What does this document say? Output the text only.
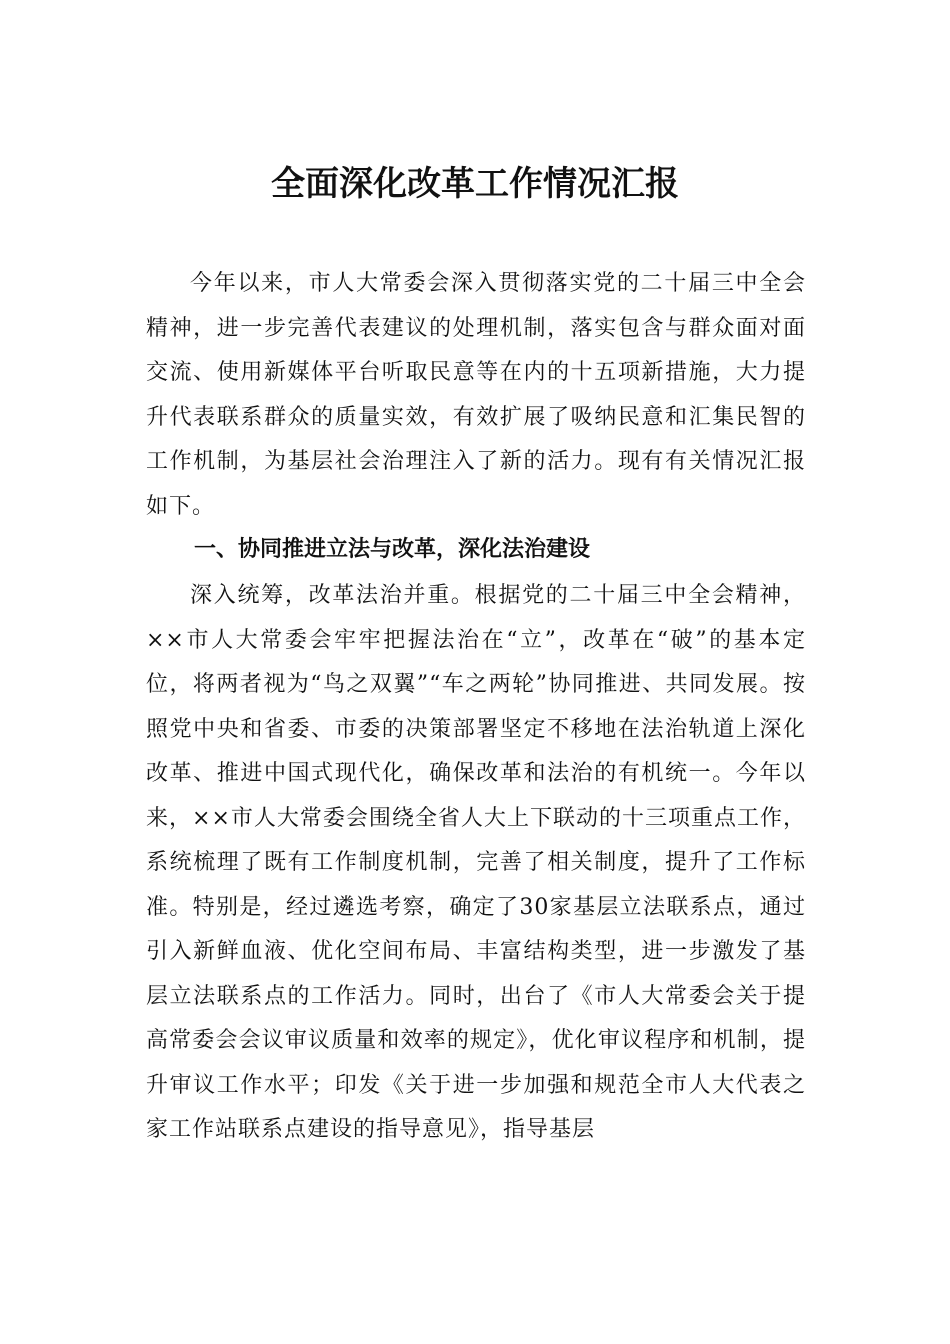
全面深化改革工作情况汇报

今年以来，市人大常委会深入贯彻落实党的二十届三中全会精神，进一步完善代表建议的处理机制，落实包含与群众面对面交流、使用新媒体平台听取民意等在内的十五项新措施，大力提升代表联系群众的质量实效，有效扩展了吸纳民意和汇集民智的工作机制，为基层社会治理注入了新的活力。现有有关情况汇报如下。

一、协同推进立法与改革，深化法治建设

深入统筹，改革法治并重。根据党的二十届三中全会精神，××市人大常委会牢牢把握法治在“立”，改革在“破”的基本定位，将两者视为“鸟之双翼”“车之两轮”协同推进、共同发展。按照党中央和省委、市委的决策部署坚定不移地在法治轨道上深化改革、推进中国式现代化，确保改革和法治的有机统一。今年以来，××市人大常委会围绕全省人大上下联动的十三项重点工作，系统梳理了既有工作制度机制，完善了相关制度，提升了工作标准。特别是，经过遴选考察，确定了30家基层立法联系点，通过引入新鲜血液、优化空间布局、丰富结构类型，进一步激发了基层立法联系点的工作活力。同时，出台了《市人大常委会关于提高常委会会议审议质量和效率的规定》，优化审议程序和机制，提升审议工作水平；印发《关于进一步加强和规范全市人大代表之家工作站联系点建设的指导意见》，指导基层
